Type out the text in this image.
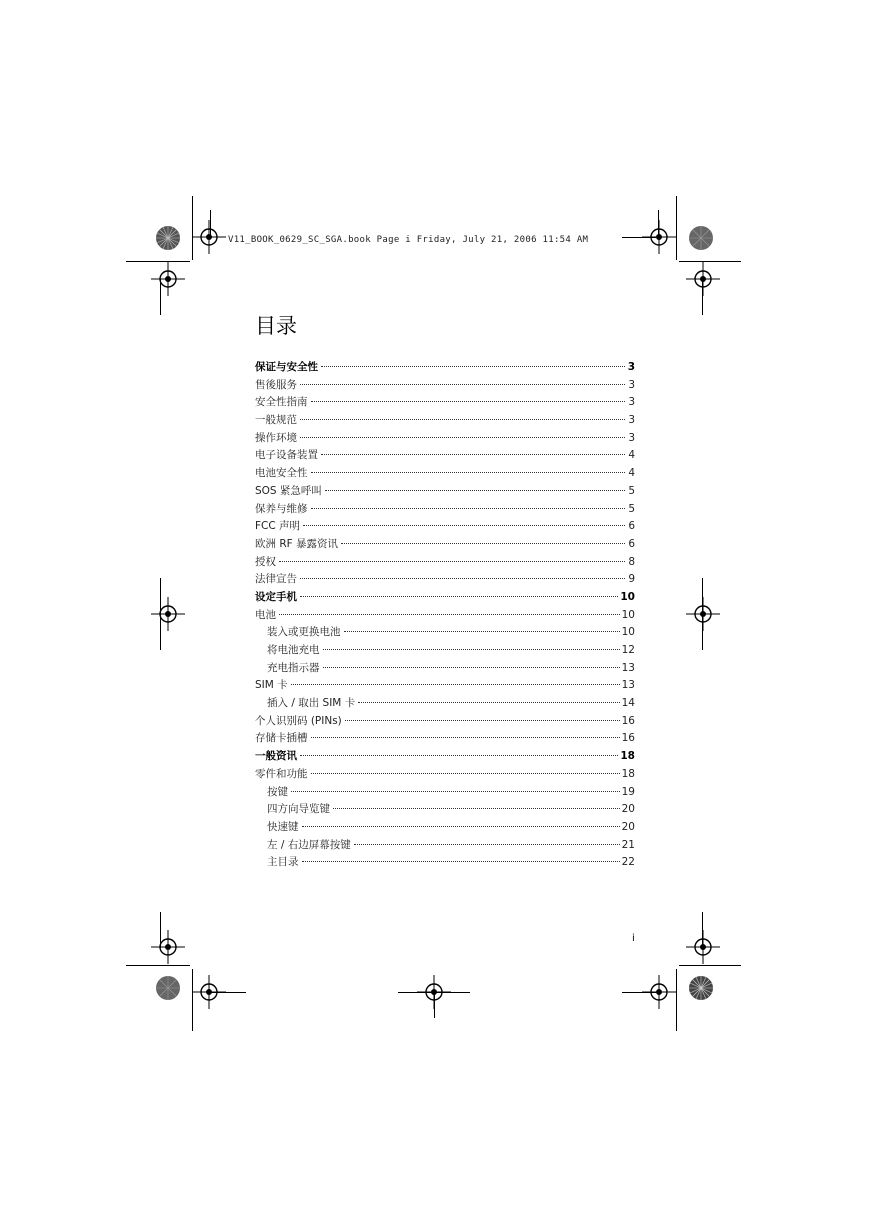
V11_BOOK_0629_SC_SGA.book Page i Friday, July 21, 2006 11:54 AM
目录
保证与安全性	3
售後服务	3
安全性指南	3
一般规范	3
操作环境	3
电子设备装置	4
电池安全性	4
SOS 紧急呼叫	5
保养与维修	5
FCC 声明	6
欧洲 RF 暴露资讯	6
授权	8
法律宣告	9
设定手机	10
电池	10
装入或更换电池	10
将电池充电	12
充电指示器	13
SIM 卡	13
插入 / 取出 SIM 卡	14
个人识别码 (PINs)	16
存储卡插槽	16
一般资讯	18
零件和功能	18
按键	19
四方向导览键	20
快速键	20
左 / 右边屏幕按键	21
主目录	22
i
